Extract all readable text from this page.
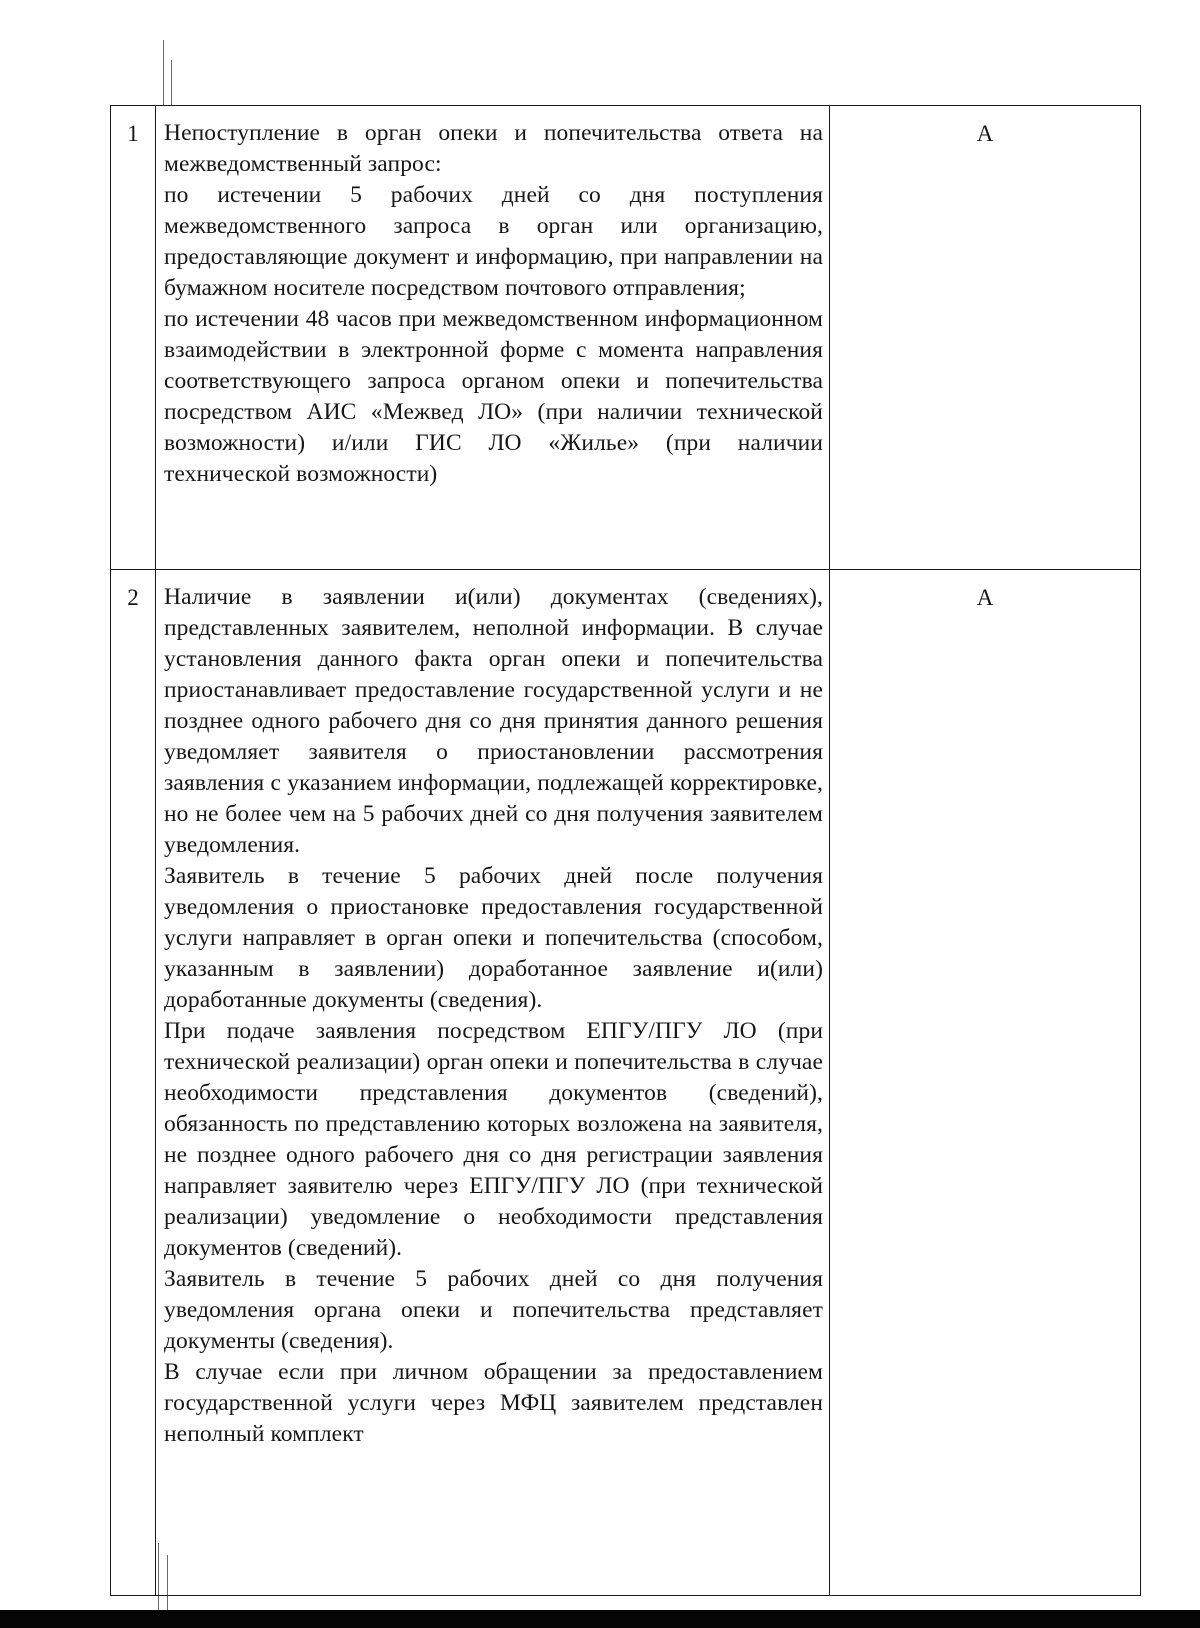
1	Непоступление в орган опеки и попечительства ответа на межведомственный запрос:

по истечении 5 рабочих дней со дня поступления межведомственного запроса в орган или организацию, предоставляющие документ и информацию, при направлении на бумажном носителе посредством почтового отправления;

по истечении 48 часов при межведомственном информационном взаимодействии в электронной форме с момента направления соответствующего запроса органом опеки и попечительства посредством АИС «Межвед ЛО» (при наличии технической возможности) и/или ГИС ЛО «Жилье» (при наличии технической возможности)	А
2	Наличие в заявлении и(или) документах (сведениях), представленных заявителем, неполной информации. В случае установления данного факта орган опеки и попечительства приостанавливает предоставление государственной услуги и не позднее одного рабочего дня со дня принятия данного решения уведомляет заявителя о приостановлении рассмотрения заявления с указанием информации, подлежащей корректировке, но не более чем на 5 рабочих дней со дня получения заявителем уведомления.

Заявитель в течение 5 рабочих дней после получения уведомления о приостановке предоставления государственной услуги направляет в орган опеки и попечительства (способом, указанным в заявлении) доработанное заявление и(или) доработанные документы (сведения).

При подаче заявления посредством ЕПГУ/ПГУ ЛО (при технической реализации) орган опеки и попечительства в случае необходимости представления документов (сведений), обязанность по представлению которых возложена на заявителя, не позднее одного рабочего дня со дня регистрации заявления направляет заявителю через ЕПГУ/ПГУ ЛО (при технической реализации) уведомление о необходимости представления документов (сведений).

Заявитель в течение 5 рабочих дней со дня получения уведомления органа опеки и попечительства представляет документы (сведения).

В случае если при личном обращении за предоставлением государственной услуги через МФЦ заявителем представлен неполный комплект	А
